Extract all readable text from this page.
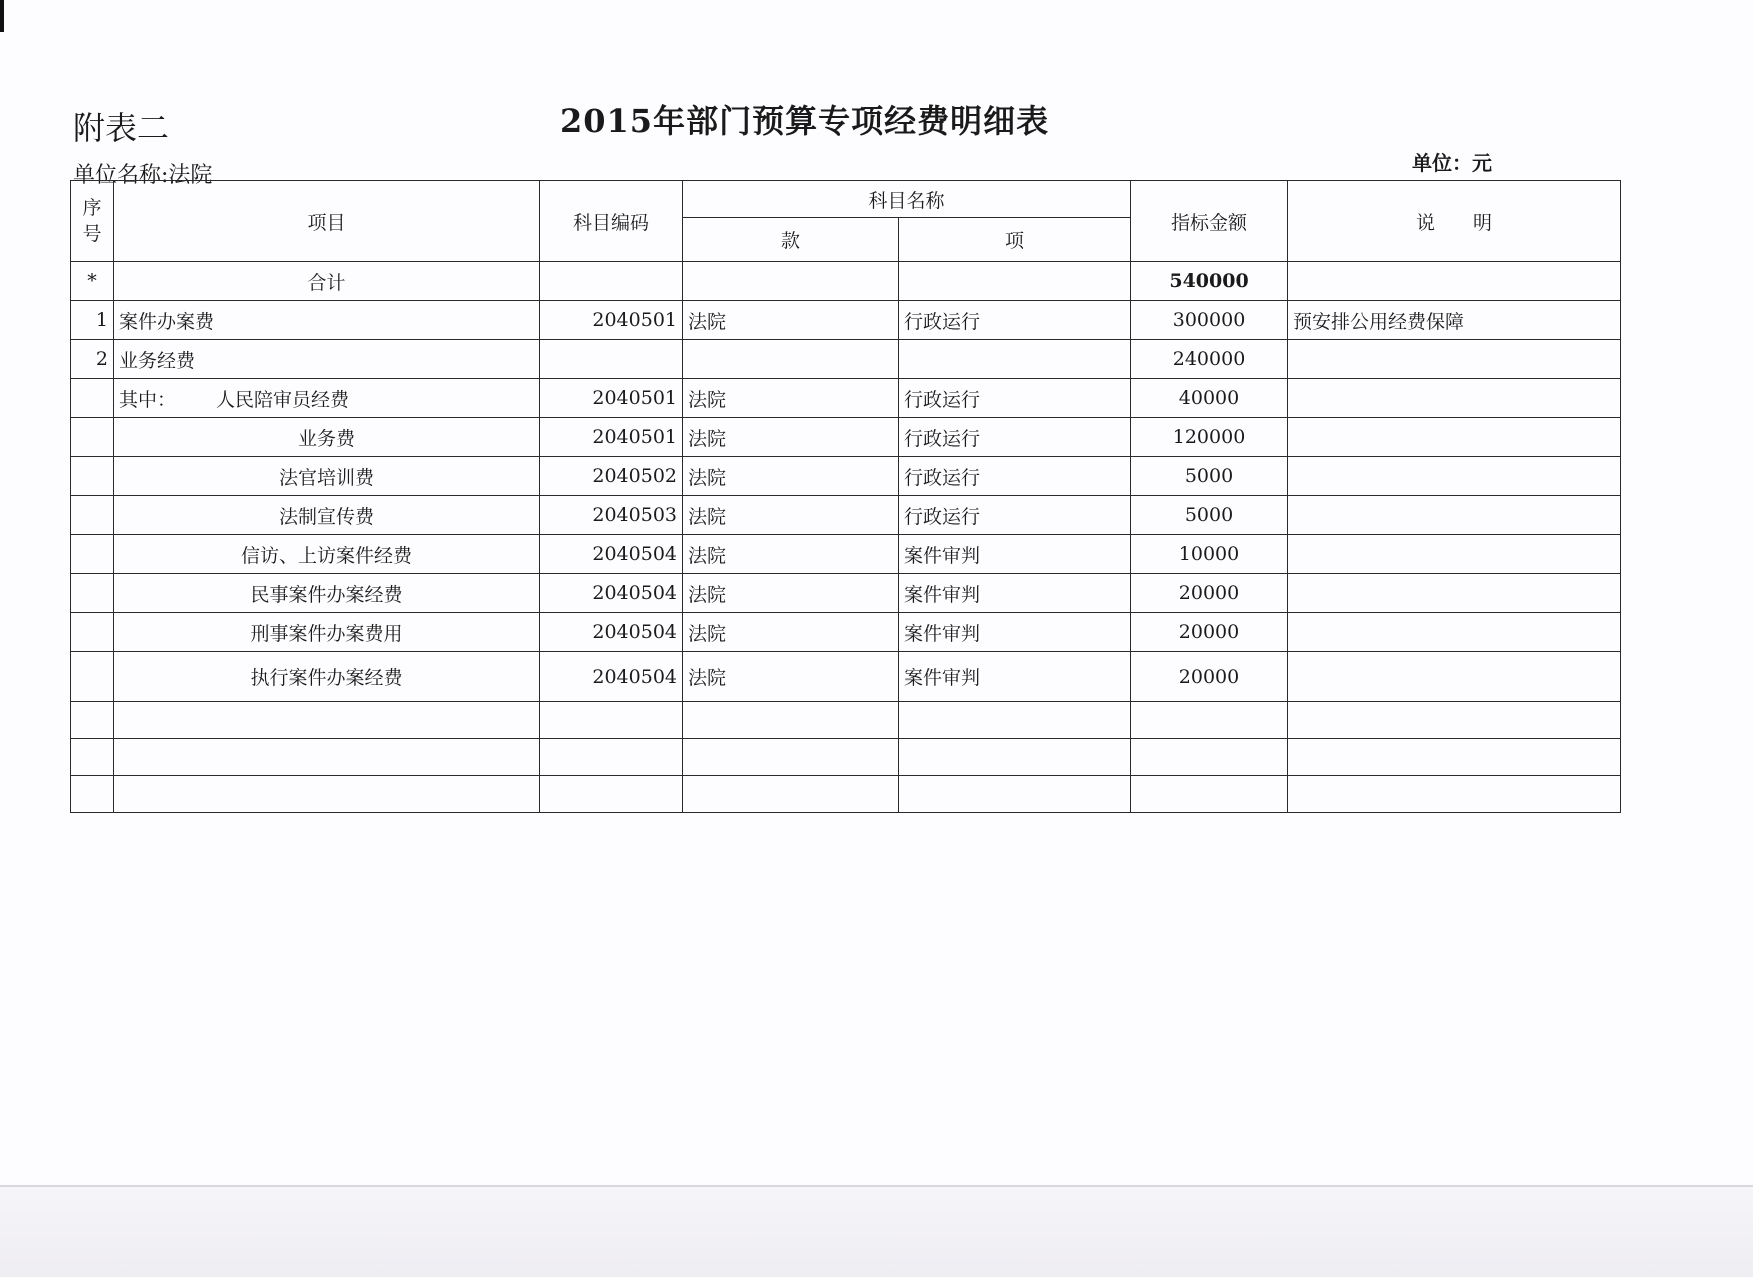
附表二	2015年部门预算专项经费明细表
单位名称:法院	单位：元
序
号	项目	科目编码	科目名称		指标金额	说　　明
			款	项		
*	合计				540000	
1	案件办案费	2040501	法院	行政运行	300000	预安排公用经费保障
2	业务经费				240000	
	其中： 人民陪审员经费	2040501	法院	行政运行	40000	
	业务费	2040501	法院	行政运行	120000	
	法官培训费	2040502	法院	行政运行	5000	
	法制宣传费	2040503	法院	行政运行	5000	
	信访、上访案件经费	2040504	法院	案件审判	10000	
	民事案件办案经费	2040504	法院	案件审判	20000	
	刑事案件办案费用	2040504	法院	案件审判	20000	
	执行案件办案经费	2040504	法院	案件审判	20000	
